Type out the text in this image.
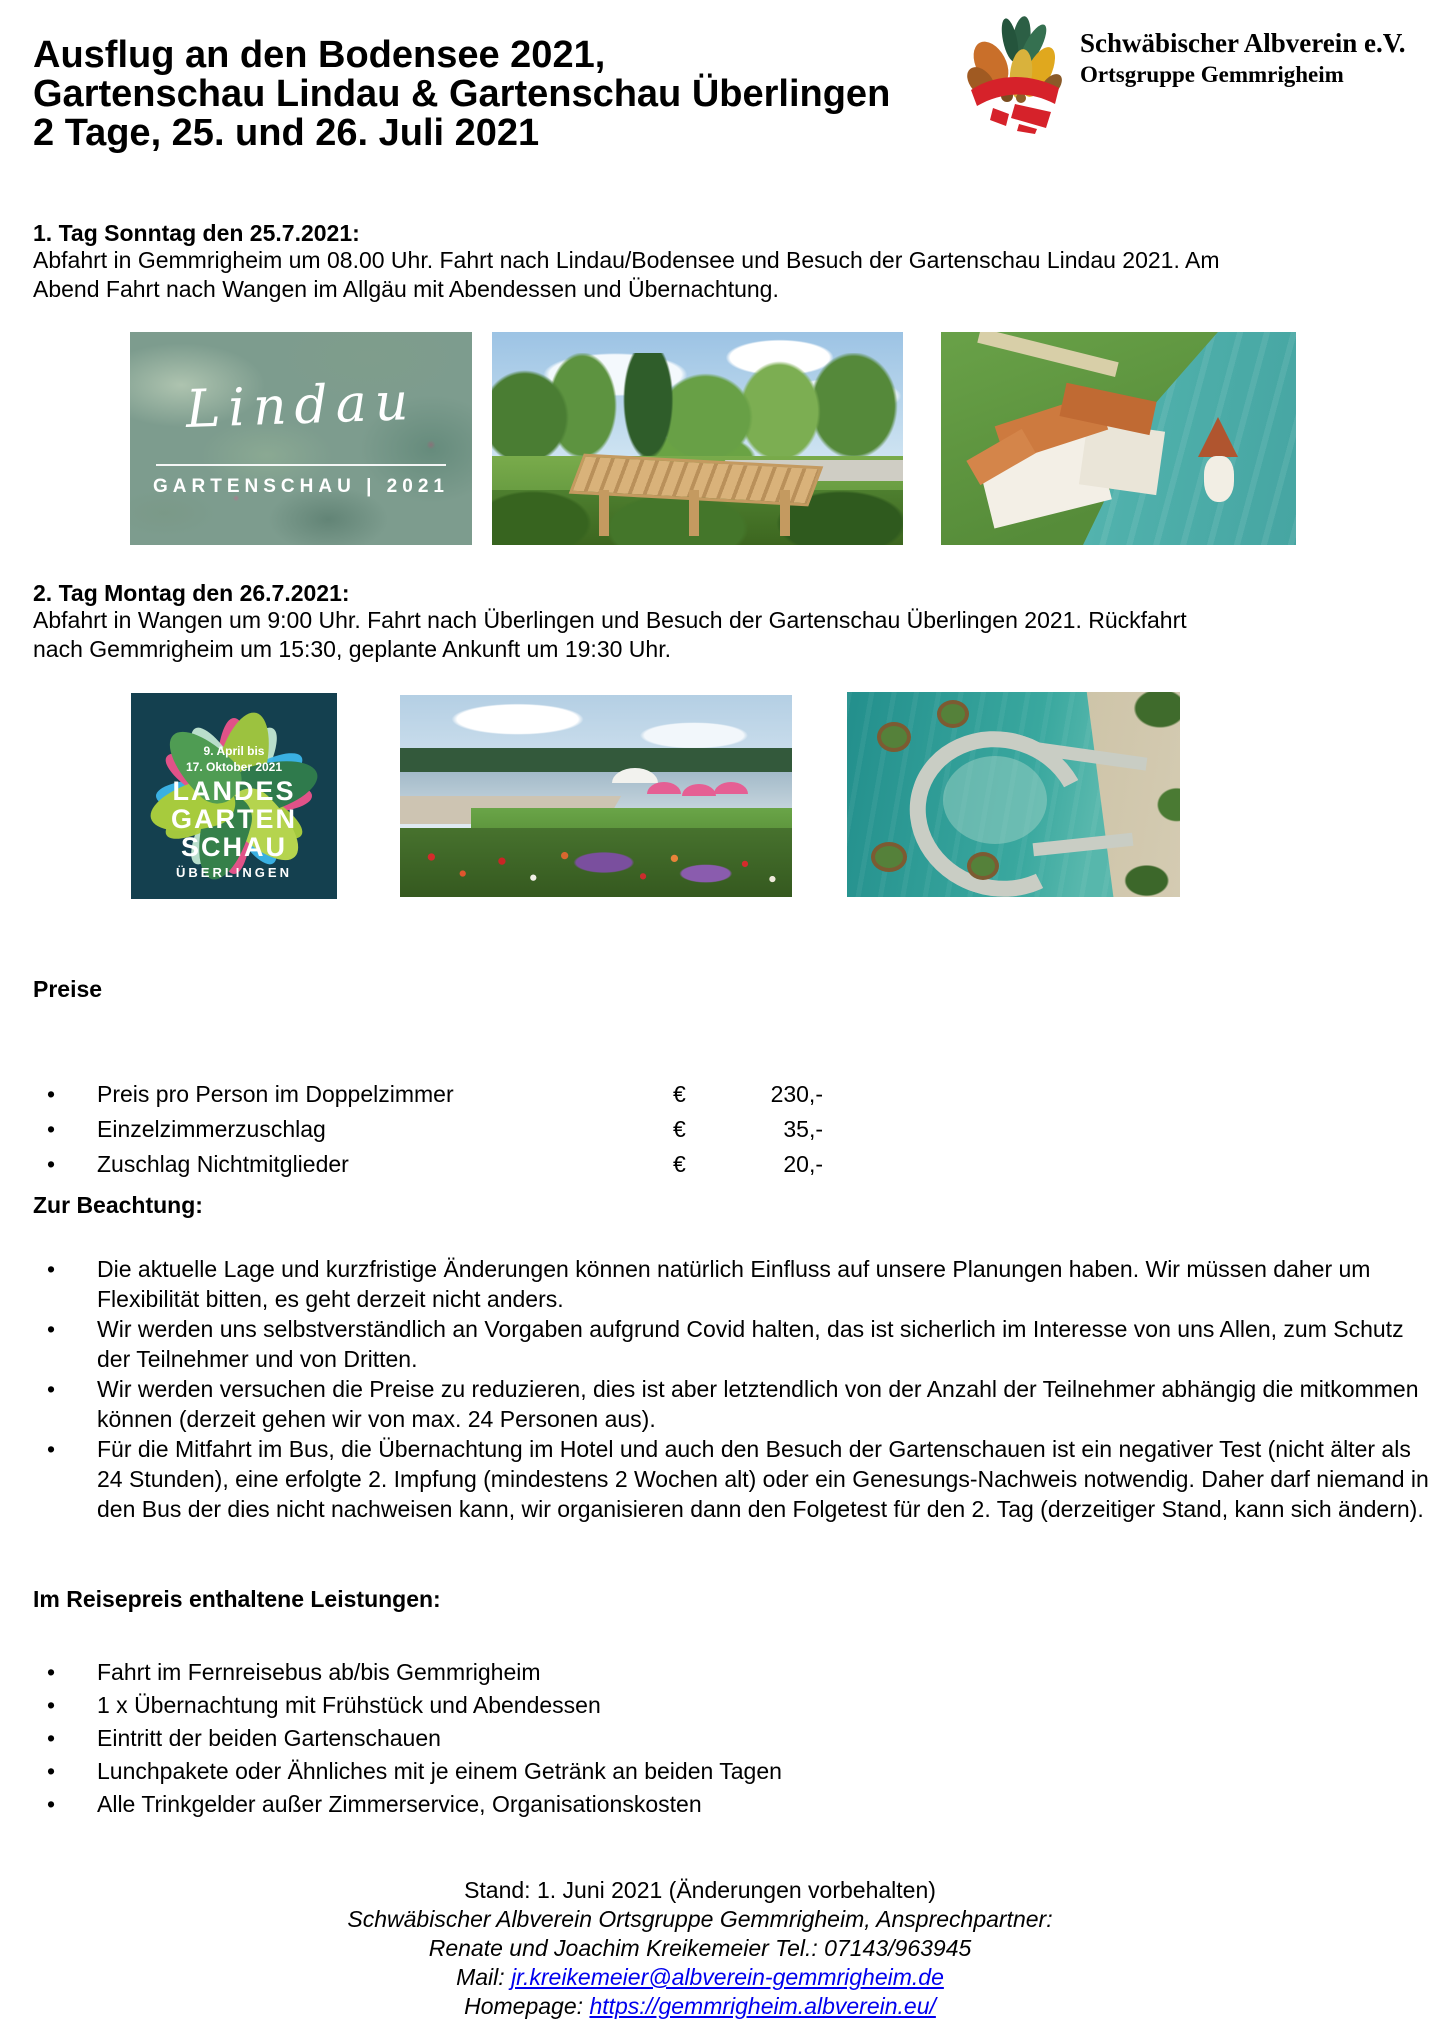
Ausflug an den Bodensee 2021,
Gartenschau Lindau & Gartenschau Überlingen
2 Tage, 25. und 26. Juli 2021
Schwäbischer Albverein e.V.
Ortsgruppe Gemmrigheim
1. Tag Sonntag den 25.7.2021:
Abfahrt in Gemmrigheim um 08.00 Uhr. Fahrt nach Lindau/Bodensee und Besuch der Gartenschau Lindau 2021. Am
Abend Fahrt nach Wangen im Allgäu mit Abendessen und Übernachtung.
Lindau
GARTENSCHAU | 2021
2. Tag Montag den 26.7.2021:
Abfahrt in Wangen um 9:00 Uhr. Fahrt nach Überlingen und Besuch der Gartenschau Überlingen 2021. Rückfahrt
nach Gemmrigheim um 15:30, geplante Ankunft um 19:30 Uhr.
9. April bis
17. Oktober 2021
LANDES
GARTEN
SCHAU
ÜBERLINGEN
Preise
• Preis pro Person im Doppelzimmer	€	230,-
• Einzelzimmerzuschlag	€	35,-
• Zuschlag Nichtmitglieder	€	20,-
Zur Beachtung:
• Die aktuelle Lage und kurzfristige Änderungen können natürlich Einfluss auf unsere Planungen haben. Wir müssen daher um Flexibilität bitten, es geht derzeit nicht anders.
• Wir werden uns selbstverständlich an Vorgaben aufgrund Covid halten, das ist sicherlich im Interesse von uns Allen, zum Schutz der Teilnehmer und von Dritten.
• Wir werden versuchen die Preise zu reduzieren, dies ist aber letztendlich von der Anzahl der Teilnehmer abhängig die mitkommen können (derzeit gehen wir von max. 24 Personen aus).
• Für die Mitfahrt im Bus, die Übernachtung im Hotel und auch den Besuch der Gartenschauen ist ein negativer Test (nicht älter als 24 Stunden), eine erfolgte 2. Impfung (mindestens 2 Wochen alt) oder ein Genesungs-Nachweis notwendig. Daher darf niemand in den Bus der dies nicht nachweisen kann, wir organisieren dann den Folgetest für den 2. Tag (derzeitiger Stand, kann sich ändern).
Im Reisepreis enthaltene Leistungen:
• Fahrt im Fernreisebus ab/bis Gemmrigheim
• 1 x Übernachtung mit Frühstück und Abendessen
• Eintritt der beiden Gartenschauen
• Lunchpakete oder Ähnliches mit je einem Getränk an beiden Tagen
• Alle Trinkgelder außer Zimmerservice, Organisationskosten
Stand: 1. Juni 2021 (Änderungen vorbehalten)
Schwäbischer Albverein Ortsgruppe Gemmrigheim, Ansprechpartner:
Renate und Joachim Kreikemeier Tel.: 07143/963945
Mail: jr.kreikemeier@albverein-gemmrigheim.de
Homepage: https://gemmrigheim.albverein.eu/
